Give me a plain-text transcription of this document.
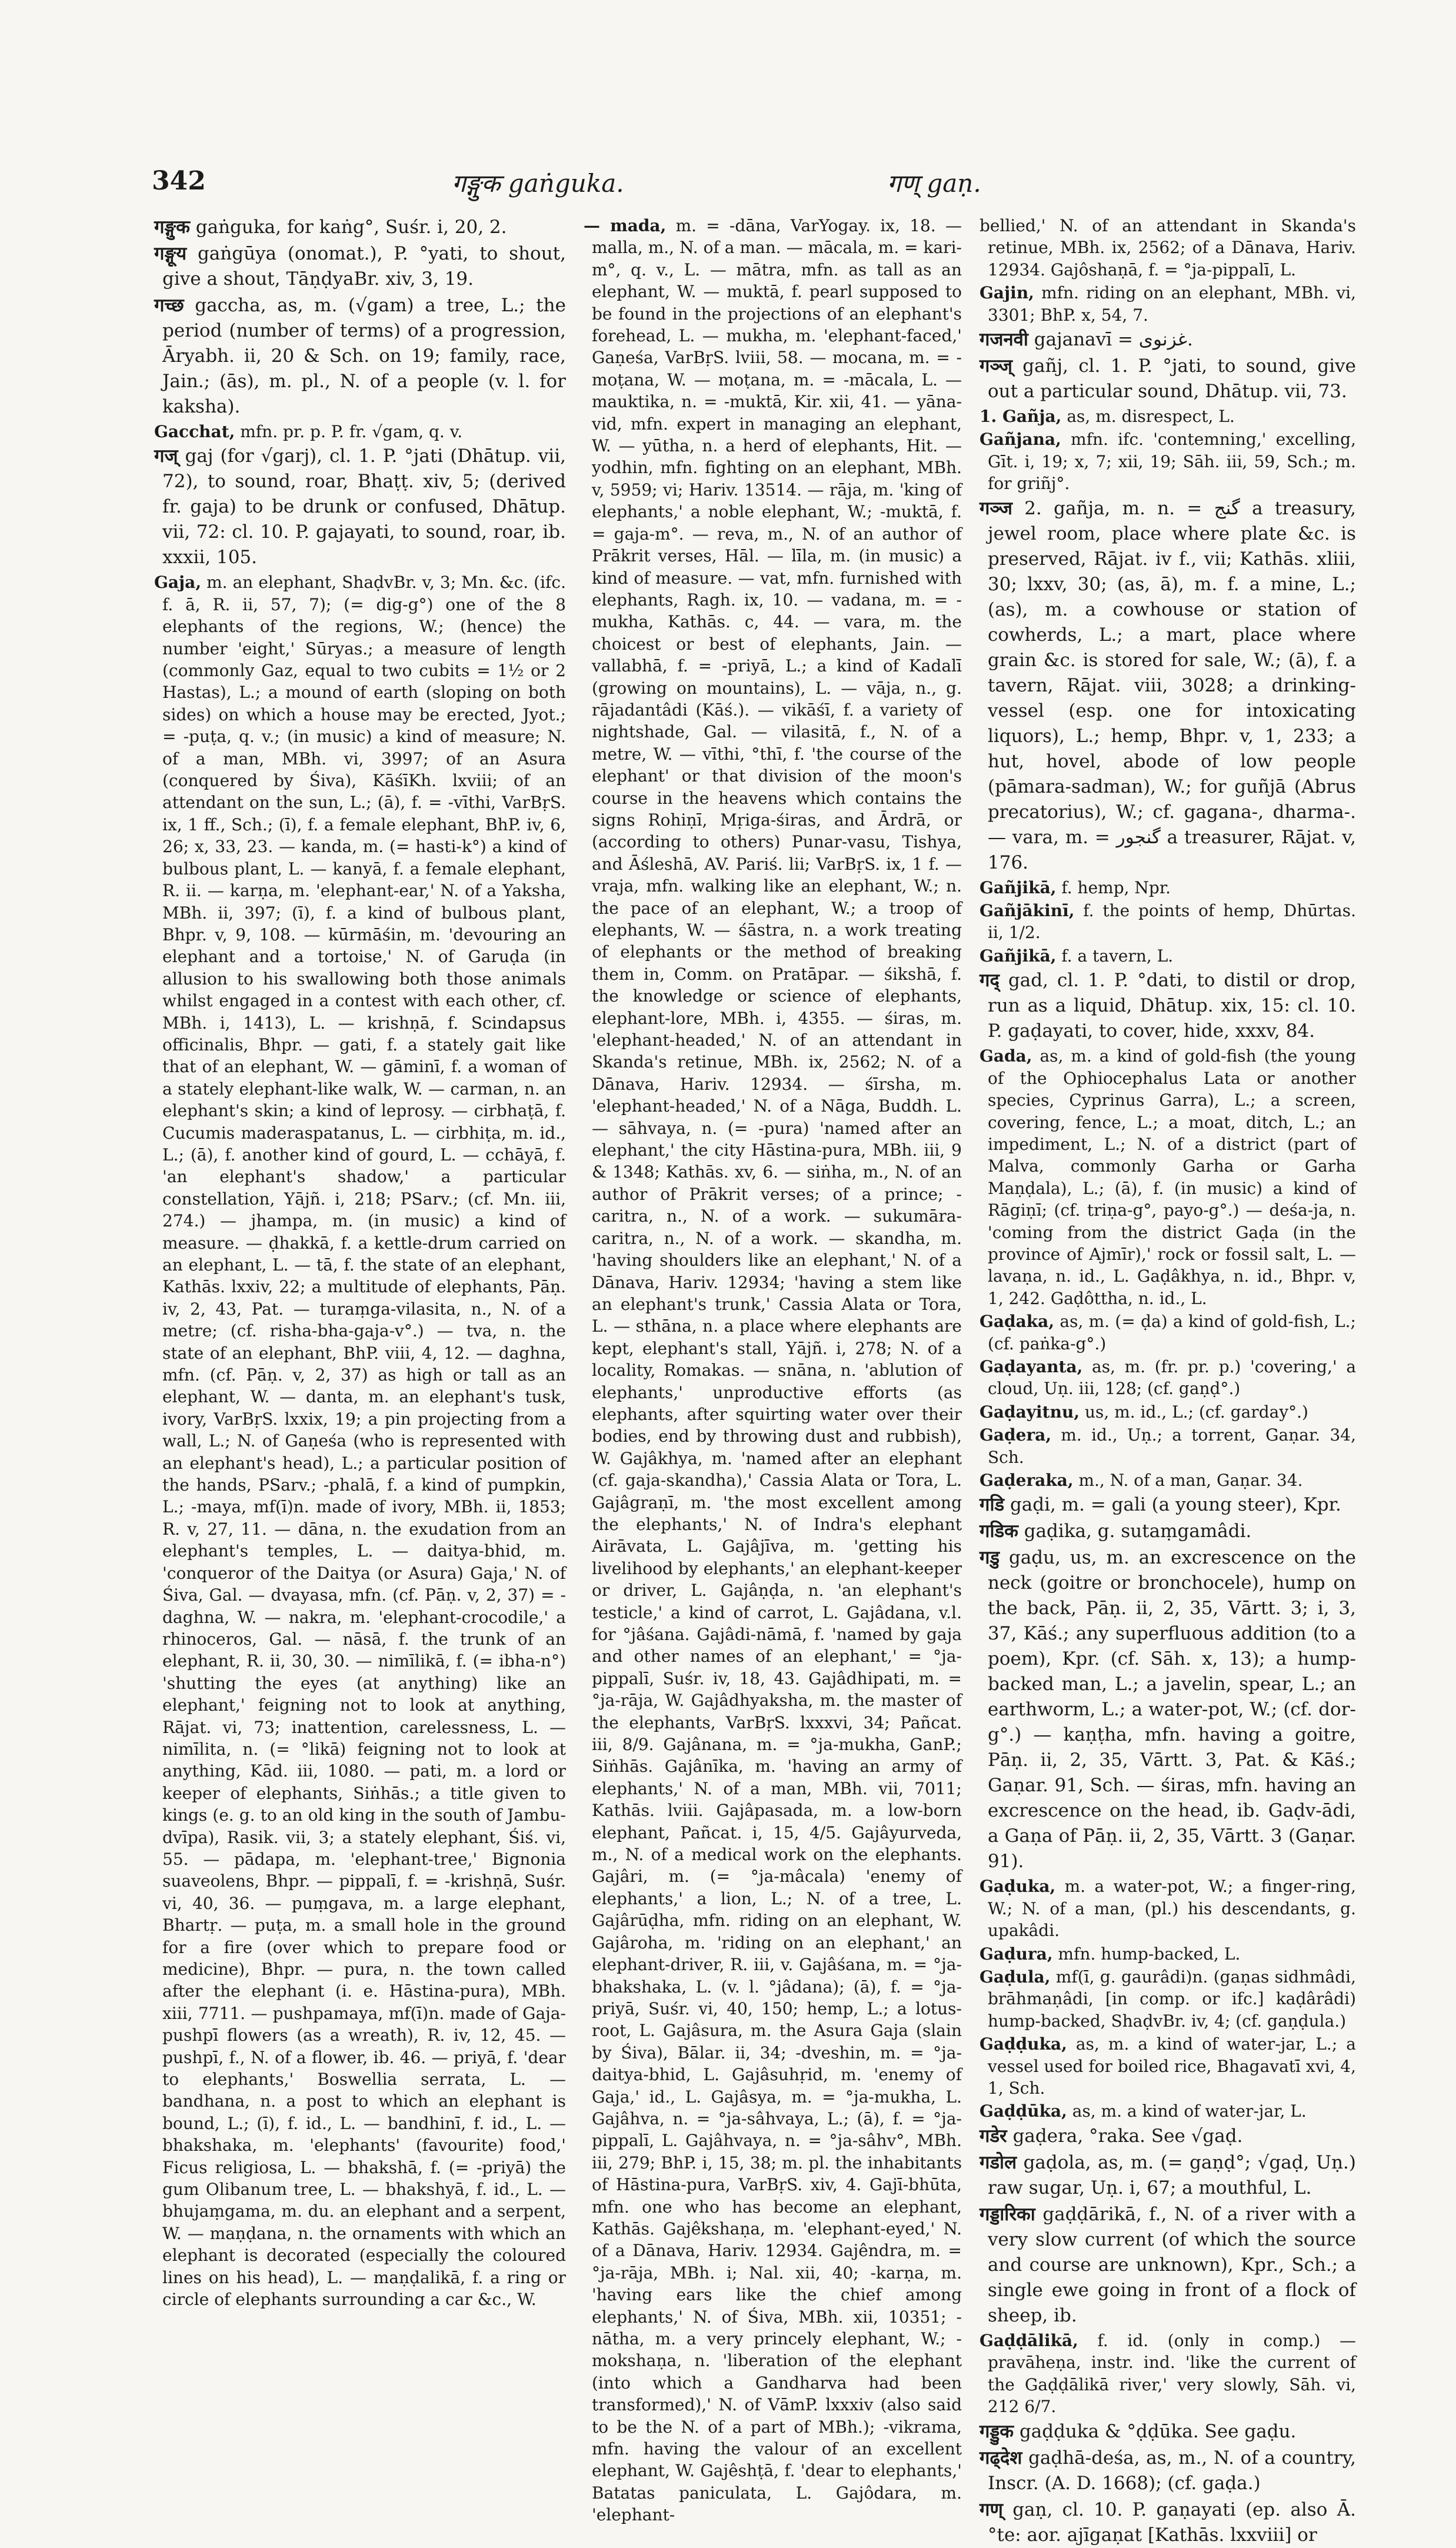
342	गङ्गुक gaṅguka.	गण् gaṇ.

गङ्गुक gaṅguka, for kaṅg°, Suśr. i, 20, 2.

गङ्गूय gaṅgūya (onomat.), P. °yati, to shout, give a shout, TāṇḍyaBr. xiv, 3, 19.

गच्छ gaccha, as, m. (√gam) a tree, L.; the period (number of terms) of a progression, Āryabh. ii, 20 & Sch. on 19; family, race, Jain.; (ās), m. pl., N. of a people (v. l. for kaksha).

Gacchat, mfn. pr. p. P. fr. √gam, q. v.

गज् gaj (for √garj), cl. 1. P. °jati (Dhātup. vii, 72), to sound, roar, Bhaṭṭ. xiv, 5; (derived fr. gaja) to be drunk or confused, Dhātup. vii, 72: cl. 10. P. gajayati, to sound, roar, ib. xxxii, 105.

Gaja, m. an elephant, ShaḍvBr. v, 3; Mn. &c. (ifc. f. ā, R. ii, 57, 7); (= dig-g°) one of the 8 elephants of the regions, W.; (hence) the number 'eight,' Sūryas.; a measure of length (commonly Gaz, equal to two cubits = 1½ or 2 Hastas), L.; a mound of earth (sloping on both sides) on which a house may be erected, Jyot.; = -puṭa, q. v.; (in music) a kind of measure; N. of a man, MBh. vi, 3997; of an Asura (conquered by Śiva), KāśīKh. lxviii; of an attendant on the sun, L.; (ā), f. = -vīthi, VarBṛS. ix, 1 ff., Sch.; (ī), f. a female elephant, BhP. iv, 6, 26; x, 33, 23. — kanda, m. (= hasti-k°) a kind of bulbous plant, L. — kanyā, f. a female elephant, R. ii. — karṇa, m. 'elephant-ear,' N. of a Yaksha, MBh. ii, 397; (ī), f. a kind of bulbous plant, Bhpr. v, 9, 108. — kūrmāśin, m. 'devouring an elephant and a tortoise,' N. of Garuḍa (in allusion to his swallowing both those animals whilst engaged in a contest with each other, cf. MBh. i, 1413), L. — krishṇā, f. Scindapsus officinalis, Bhpr. — gati, f. a stately gait like that of an elephant, W. — gāminī, f. a woman of a stately elephant-like walk, W. — carman, n. an elephant's skin; a kind of leprosy. — cirbhaṭā, f. Cucumis maderaspatanus, L. — cirbhiṭa, m. id., L.; (ā), f. another kind of gourd, L. — cchāyā, f. 'an elephant's shadow,' a particular constellation, Yājñ. i, 218; PSarv.; (cf. Mn. iii, 274.) — jhampa, m. (in music) a kind of measure. — ḍhakkā, f. a kettle-drum carried on an elephant, L. — tā, f. the state of an elephant, Kathās. lxxiv, 22; a multitude of elephants, Pāṇ. iv, 2, 43, Pat. — turaṃga-vilasita, n., N. of a metre; (cf. risha-bha-gaja-v°.) — tva, n. the state of an elephant, BhP. viii, 4, 12. — daghna, mfn. (cf. Pāṇ. v, 2, 37) as high or tall as an elephant, W. — danta, m. an elephant's tusk, ivory, VarBṛS. lxxix, 19; a pin projecting from a wall, L.; N. of Gaṇeśa (who is represented with an elephant's head), L.; a particular position of the hands, PSarv.; -phalā, f. a kind of pumpkin, L.; -maya, mf(ī)n. made of ivory, MBh. ii, 1853; R. v, 27, 11. — dāna, n. the exudation from an elephant's temples, L. — daitya-bhid, m. 'conqueror of the Daitya (or Asura) Gaja,' N. of Śiva, Gal. — dvayasa, mfn. (cf. Pāṇ. v, 2, 37) = -daghna, W. — nakra, m. 'elephant-crocodile,' a rhinoceros, Gal. — nāsā, f. the trunk of an elephant, R. ii, 30, 30. — nimīlikā, f. (= ibha-n°) 'shutting the eyes (at anything) like an elephant,' feigning not to look at anything, Rājat. vi, 73; inattention, carelessness, L. — nimīlita, n. (= °likā) feigning not to look at anything, Kād. iii, 1080. — pati, m. a lord or keeper of elephants, Siṅhās.; a title given to kings (e. g. to an old king in the south of Jambu-dvīpa), Rasik. vii, 3; a stately elephant, Śiś. vi, 55. — pādapa, m. 'elephant-tree,' Bignonia suaveolens, Bhpr. — pippalī, f. = -krishṇā, Suśr. vi, 40, 36. — puṃgava, m. a large elephant, Bhartṛ. — puṭa, m. a small hole in the ground for a fire (over which to prepare food or medicine), Bhpr. — pura, n. the town called after the elephant (i. e. Hāstina-pura), MBh. xiii, 7711. — pushpamaya, mf(ī)n. made of Gaja-pushpī flowers (as a wreath), R. iv, 12, 45. — pushpī, f., N. of a flower, ib. 46. — priyā, f. 'dear to elephants,' Boswellia serrata, L. — bandhana, n. a post to which an elephant is bound, L.; (ī), f. id., L. — bandhinī, f. id., L. — bhakshaka, m. 'elephants' (favourite) food,' Ficus religiosa, L. — bhakshā, f. (= -priyā) the gum Olibanum tree, L. — bhakshyā, f. id., L. — bhujaṃgama, m. du. an elephant and a serpent, W. — maṇḍana, n. the ornaments with which an elephant is decorated (especially the coloured lines on his head), L. — maṇḍalikā, f. a ring or circle of elephants surrounding a car &c., W.

— mada, m. = -dāna, VarYogay. ix, 18. — malla, m., N. of a man. — mācala, m. = kari-m°, q. v., L. — mātra, mfn. as tall as an elephant, W. — muktā, f. pearl supposed to be found in the projections of an elephant's forehead, L. — mukha, m. 'elephant-faced,' Gaṇeśa, VarBṛS. lviii, 58. — mocana, m. = -moṭana, W. — moṭana, m. = -mācala, L. — mauktika, n. = -muktā, Kir. xii, 41. — yāna-vid, mfn. expert in managing an elephant, W. — yūtha, n. a herd of elephants, Hit. — yodhin, mfn. fighting on an elephant, MBh. v, 5959; vi; Hariv. 13514. — rāja, m. 'king of elephants,' a noble elephant, W.; -muktā, f. = gaja-m°. — reva, m., N. of an author of Prākrit verses, Hāl. — līla, m. (in music) a kind of measure. — vat, mfn. furnished with elephants, Ragh. ix, 10. — vadana, m. = -mukha, Kathās. c, 44. — vara, m. the choicest or best of elephants, Jain. — vallabhā, f. = -priyā, L.; a kind of Kadalī (growing on mountains), L. — vāja, n., g. rājadantâdi (Kāś.). — vikāśī, f. a variety of nightshade, Gal. — vilasitā, f., N. of a metre, W. — vīthi, °thī, f. 'the course of the elephant' or that division of the moon's course in the heavens which contains the signs Rohiṇī, Mṛiga-śiras, and Ārdrā, or (according to others) Punar-vasu, Tishya, and Āśleshā, AV. Pariś. lii; VarBṛS. ix, 1 f. — vraja, mfn. walking like an elephant, W.; n. the pace of an elephant, W.; a troop of elephants, W. — śāstra, n. a work treating of elephants or the method of breaking them in, Comm. on Pratāpar. — śikshā, f. the knowledge or science of elephants, elephant-lore, MBh. i, 4355. — śiras, m. 'elephant-headed,' N. of an attendant in Skanda's retinue, MBh. ix, 2562; N. of a Dānava, Hariv. 12934. — śīrsha, m. 'elephant-headed,' N. of a Nāga, Buddh. L. — sāhvaya, n. (= -pura) 'named after an elephant,' the city Hāstina-pura, MBh. iii, 9 & 1348; Kathās. xv, 6. — siṅha, m., N. of an author of Prākrit verses; of a prince; -caritra, n., N. of a work. — sukumāra-caritra, n., N. of a work. — skandha, m. 'having shoulders like an elephant,' N. of a Dānava, Hariv. 12934; 'having a stem like an elephant's trunk,' Cassia Alata or Tora, L. — sthāna, n. a place where elephants are kept, elephant's stall, Yājñ. i, 278; N. of a locality, Romakas. — snāna, n. 'ablution of elephants,' unproductive efforts (as elephants, after squirting water over their bodies, end by throwing dust and rubbish), W. Gajâkhya, m. 'named after an elephant (cf. gaja-skandha),' Cassia Alata or Tora, L. Gajâgraṇī, m. 'the most excellent among the elephants,' N. of Indra's elephant Airāvata, L. Gajâjīva, m. 'getting his livelihood by elephants,' an elephant-keeper or driver, L. Gajâṇḍa, n. 'an elephant's testicle,' a kind of carrot, L. Gajâdana, v.l. for °jâśana. Gajâdi-nāmā, f. 'named by gaja and other names of an elephant,' = °ja-pippalī, Suśr. iv, 18, 43. Gajâdhipati, m. = °ja-rāja, W. Gajâdhyaksha, m. the master of the elephants, VarBṛS. lxxxvi, 34; Pañcat. iii, 8/9. Gajânana, m. = °ja-mukha, GanP.; Siṅhās. Gajânīka, m. 'having an army of elephants,' N. of a man, MBh. vii, 7011; Kathās. lviii. Gajâpasada, m. a low-born elephant, Pañcat. i, 15, 4/5. Gajâyurveda, m., N. of a medical work on the elephants. Gajâri, m. (= °ja-mâcala) 'enemy of elephants,' a lion, L.; N. of a tree, L. Gajârūḍha, mfn. riding on an elephant, W. Gajâroha, m. 'riding on an elephant,' an elephant-driver, R. iii, v. Gajâśana, m. = °ja-bhakshaka, L. (v. l. °jâdana); (ā), f. = °ja-priyā, Suśr. vi, 40, 150; hemp, L.; a lotus-root, L. Gajâsura, m. the Asura Gaja (slain by Śiva), Bālar. ii, 34; -dveshin, m. = °ja-daitya-bhid, L. Gajâsuhṛid, m. 'enemy of Gaja,' id., L. Gajâsya, m. = °ja-mukha, L. Gajâhva, n. = °ja-sâhvaya, L.; (ā), f. = °ja-pippalī, L. Gajâhvaya, n. = °ja-sâhv°, MBh. iii, 279; BhP. i, 15, 38; m. pl. the inhabitants of Hāstina-pura, VarBṛS. xiv, 4. Gajī-bhūta, mfn. one who has become an elephant, Kathās. Gajêkshaṇa, m. 'elephant-eyed,' N. of a Dānava, Hariv. 12934. Gajêndra, m. = °ja-rāja, MBh. i; Nal. xii, 40; -karṇa, m. 'having ears like the chief among elephants,' N. of Śiva, MBh. xii, 10351; -nātha, m. a very princely elephant, W.; -mokshaṇa, n. 'liberation of the elephant (into which a Gandharva had been transformed),' N. of VāmP. lxxxiv (also said to be the N. of a part of MBh.); -vikrama, mfn. having the valour of an excellent elephant, W. Gajêshṭā, f. 'dear to elephants,' Batatas paniculata, L. Gajôdara, m. 'elephant-

bellied,' N. of an attendant in Skanda's retinue, MBh. ix, 2562; of a Dānava, Hariv. 12934. Gajôshaṇā, f. = °ja-pippalī, L.

Gajin, mfn. riding on an elephant, MBh. vi, 3301; BhP. x, 54, 7.

गजनवी gajanavī = غزنوى.

गञ्ज् gañj, cl. 1. P. °jati, to sound, give out a particular sound, Dhātup. vii, 73.

1. Gañja, as, m. disrespect, L.

Gañjana, mfn. ifc. 'contemning,' excelling, Gīt. i, 19; x, 7; xii, 19; Sāh. iii, 59, Sch.; m. for griñj°.

गञ्ज 2. gañja, m. n. = گنج a treasury, jewel room, place where plate &c. is preserved, Rājat. iv f., vii; Kathās. xliii, 30; lxxv, 30; (as, ā), m. f. a mine, L.; (as), m. a cowhouse or station of cowherds, L.; a mart, place where grain &c. is stored for sale, W.; (ā), f. a tavern, Rājat. viii, 3028; a drinking-vessel (esp. one for intoxicating liquors), L.; hemp, Bhpr. v, 1, 233; a hut, hovel, abode of low people (pāmara-sadman), W.; for guñjā (Abrus precatorius), W.; cf. gagana-, dharma-. — vara, m. = گنجور a treasurer, Rājat. v, 176.

Gañjikā, f. hemp, Npr.

Gañjākinī, f. the points of hemp, Dhūrtas. ii, 1/2.

Gañjikā, f. a tavern, L.

गद् gad, cl. 1. P. °dati, to distil or drop, run as a liquid, Dhātup. xix, 15: cl. 10. P. gaḍayati, to cover, hide, xxxv, 84.

Gada, as, m. a kind of gold-fish (the young of the Ophiocephalus Lata or another species, Cyprinus Garra), L.; a screen, covering, fence, L.; a moat, ditch, L.; an impediment, L.; N. of a district (part of Malva, commonly Garha or Garha Maṇḍala), L.; (ā), f. (in music) a kind of Rāgiṇī; (cf. triṇa-g°, payo-g°.) — deśa-ja, n. 'coming from the district Gaḍa (in the province of Ajmīr),' rock or fossil salt, L. — lavaṇa, n. id., L. Gaḍâkhya, n. id., Bhpr. v, 1, 242. Gaḍôttha, n. id., L.

Gaḍaka, as, m. (= ḍa) a kind of gold-fish, L.; (cf. paṅka-g°.)

Gaḍayanta, as, m. (fr. pr. p.) 'covering,' a cloud, Uṇ. iii, 128; (cf. gaṇḍ°.)

Gaḍayitnu, us, m. id., L.; (cf. garday°.)

Gaḍera, m. id., Uṇ.; a torrent, Gaṇar. 34, Sch.

Gaḍeraka, m., N. of a man, Gaṇar. 34.

गडि gaḍi, m. = gali (a young steer), Kpr.

गडिक gaḍika, g. sutaṃgamâdi.

गडु gaḍu, us, m. an excrescence on the neck (goitre or bronchocele), hump on the back, Pāṇ. ii, 2, 35, Vārtt. 3; i, 3, 37, Kāś.; any superfluous addition (to a poem), Kpr. (cf. Sāh. x, 13); a hump-backed man, L.; a javelin, spear, L.; an earthworm, L.; a water-pot, W.; (cf. dor-g°.) — kaṇṭha, mfn. having a goitre, Pāṇ. ii, 2, 35, Vārtt. 3, Pat. & Kāś.; Gaṇar. 91, Sch. — śiras, mfn. having an excrescence on the head, ib. Gaḍv-ādi, a Gaṇa of Pāṇ. ii, 2, 35, Vārtt. 3 (Gaṇar. 91).

Gaḍuka, m. a water-pot, W.; a finger-ring, W.; N. of a man, (pl.) his descendants, g. upakâdi.

Gaḍura, mfn. hump-backed, L.

Gaḍula, mf(ī, g. gaurâdi)n. (gaṇas sidhmâdi, brāhmaṇâdi, [in comp. or ifc.] kaḍârâdi) hump-backed, ShaḍvBr. iv, 4; (cf. gaṇḍula.)

Gaḍḍuka, as, m. a kind of water-jar, L.; a vessel used for boiled rice, Bhagavatī xvi, 4, 1, Sch.

Gaḍḍūka, as, m. a kind of water-jar, L.

गडेर gaḍera, °raka. See √gaḍ.

गडोल gaḍola, as, m. (= gaṇḍ°; √gaḍ, Uṇ.) raw sugar, Uṇ. i, 67; a mouthful, L.

गड्डारिका gaḍḍārikā, f., N. of a river with a very slow current (of which the source and course are unknown), Kpr., Sch.; a single ewe going in front of a flock of sheep, ib.

Gaḍḍālikā, f. id. (only in comp.) — pravāheṇa, instr. ind. 'like the current of the Gaḍḍālikā river,' very slowly, Sāh. vi, 212 6/7.

गड्डुक gaḍḍuka & °ḍḍūka. See gaḍu.

गढ्देश gaḍhā-deśa, as, m., N. of a country, Inscr. (A. D. 1668); (cf. gaḍa.)

गण् gaṇ, cl. 10. P. gaṇayati (ep. also Ā. °te: aor. ajīgaṇat [Kathās. lxxviii] or
